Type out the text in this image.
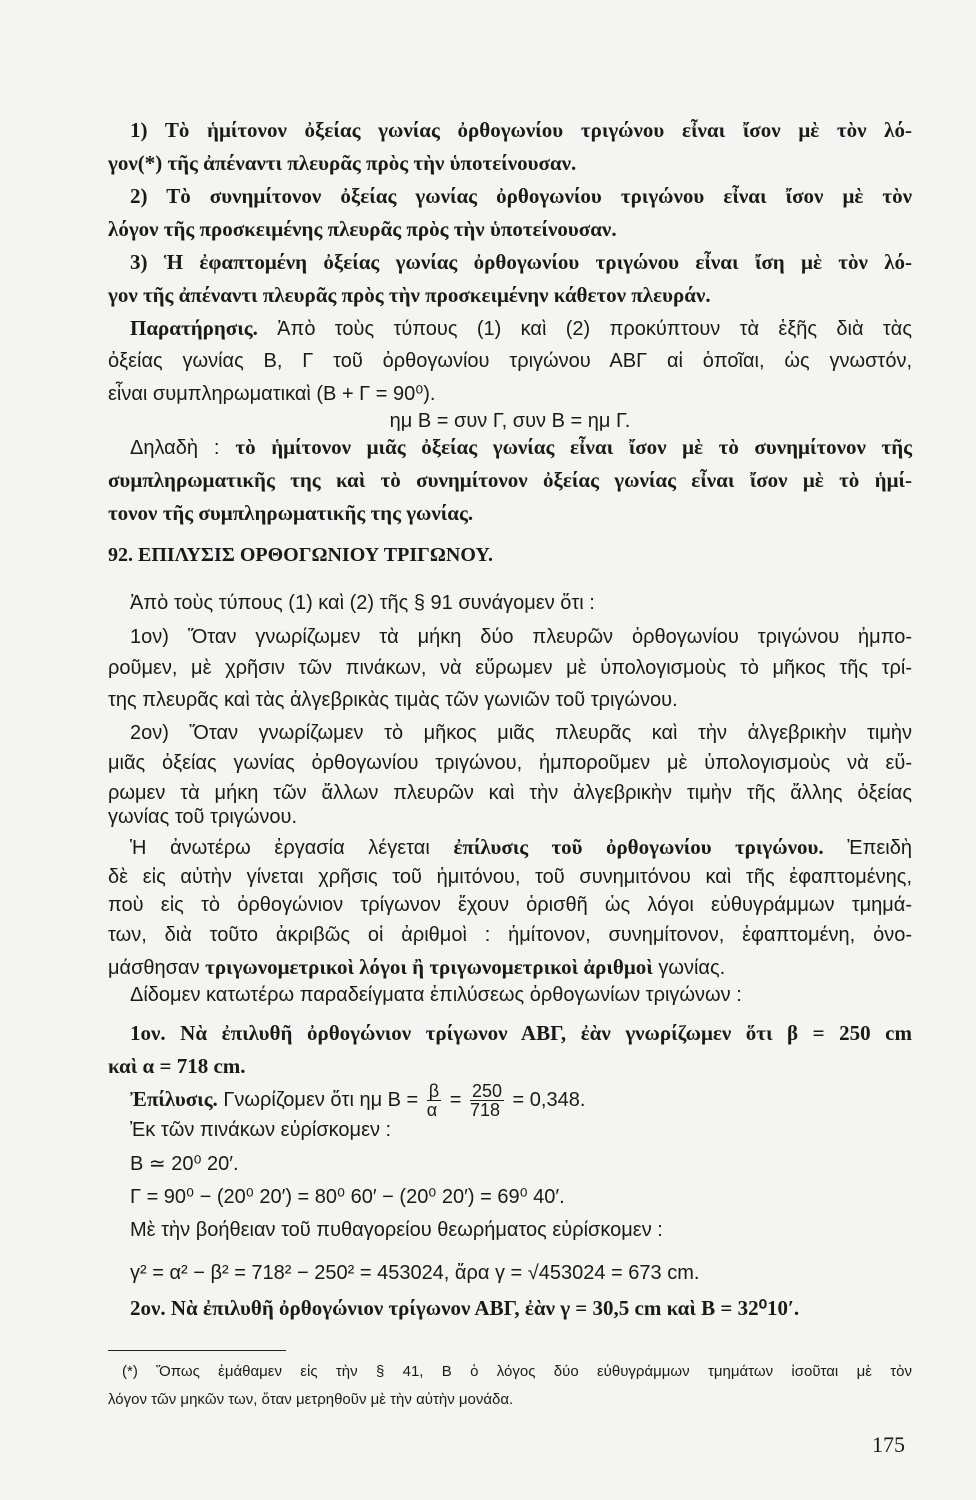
1) Τὸ ἡμίτονον ὀξείας γωνίας ὀρθογωνίου τριγώνου εἶναι ἴσον μὲ τὸν λό-
γον(*) τῆς ἀπέναντι πλευρᾶς πρὸς τὴν ὑποτείνουσαν.
2) Τὸ συνημίτονον ὀξείας γωνίας ὀρθογωνίου τριγώνου εἶναι ἴσον μὲ τὸν
λόγον τῆς προσκειμένης πλευρᾶς πρὸς τὴν ὑποτείνουσαν.
3) Ἡ ἐφαπτομένη ὀξείας γωνίας ὀρθογωνίου τριγώνου εἶναι ἴση μὲ τὸν λό-
γον τῆς ἀπέναντι πλευρᾶς πρὸς τὴν προσκειμένην κάθετον πλευράν.
Παρατήρησις. Ἀπὸ τοὺς τύπους (1) καὶ (2) προκύπτουν τὰ ἑξῆς διὰ τὰς
ὀξείας γωνίας Β, Γ τοῦ ὀρθογωνίου τριγώνου ΑΒΓ αἱ ὁποῖαι, ὡς γνωστόν,
εἶναι συμπληρωματικαὶ (Β + Γ = 90⁰).
ημ Β = συν Γ, συν Β = ημ Γ.
Δηλαδὴ : τὸ ἡμίτονον μιᾶς ὀξείας γωνίας εἶναι ἴσον μὲ τὸ συνημίτονον τῆς
συμπληρωματικῆς της καὶ τὸ συνημίτονον ὀξείας γωνίας εἶναι ἴσον μὲ τὸ ἡμί-
τονον τῆς συμπληρωματικῆς της γωνίας.
92. ΕΠΙΛΥΣΙΣ ΟΡΘΟΓΩΝΙΟΥ ΤΡΙΓΩΝΟΥ.
Ἀπὸ τοὺς τύπους (1) καὶ (2) τῆς § 91 συνάγομεν ὅτι :
1ον) Ὅταν γνωρίζωμεν τὰ μήκη δύο πλευρῶν ὀρθογωνίου τριγώνου ἠμπο-
ροῦμεν, μὲ χρῆσιν τῶν πινάκων, νὰ εὕρωμεν μὲ ὑπολογισμοὺς τὸ μῆκος τῆς τρί-
της πλευρᾶς καὶ τὰς ἀλγεβρικὰς τιμὰς τῶν γωνιῶν τοῦ τριγώνου.
2ον) Ὅταν γνωρίζωμεν τὸ μῆκος μιᾶς πλευρᾶς καὶ τὴν ἀλγεβρικὴν τιμὴν
μιᾶς ὀξείας γωνίας ὀρθογωνίου τριγώνου, ἠμποροῦμεν μὲ ὑπολογισμοὺς νὰ εὕ-
ρωμεν τὰ μήκη τῶν ἄλλων πλευρῶν καὶ τὴν ἀλγεβρικὴν τιμὴν τῆς ἄλλης ὀξείας
γωνίας τοῦ τριγώνου.
Ἡ ἀνωτέρω ἐργασία λέγεται ἐπίλυσις τοῦ ὀρθογωνίου τριγώνου. Ἐπειδὴ
δὲ εἰς αὐτὴν γίνεται χρῆσις τοῦ ἡμιτόνου, τοῦ συνημιτόνου καὶ τῆς ἐφαπτομένης,
ποὺ εἰς τὸ ὀρθογώνιον τρίγωνον ἔχουν ὁρισθῆ ὡς λόγοι εὐθυγράμμων τμημά-
των, διὰ τοῦτο ἀκριβῶς οἱ ἀριθμοὶ : ἡμίτονον, συνημίτονον, ἐφαπτομένη, ὀνο-
μάσθησαν τριγωνομετρικοὶ λόγοι ἢ τριγωνομετρικοὶ ἀριθμοὶ γωνίας.
Δίδομεν κατωτέρω παραδείγματα ἐπιλύσεως ὀρθογωνίων τριγώνων :
1ον. Νὰ ἐπιλυθῆ ὀρθογώνιον τρίγωνον ΑΒΓ, ἐὰν γνωρίζωμεν ὅτι β = 250 cm
καὶ α = 718 cm.
Ἐπίλυσις. Γνωρίζομεν ὅτι ημ $B = \frac{\beta}{\alpha} = \frac{250}{718} = 0,348$.
Ἐκ τῶν πινάκων εὑρίσκομεν :
Β ≃ 20⁰ 20′.
Γ = 90⁰ − (20⁰ 20′) = 80⁰ 60′ − (20⁰ 20′) = 69⁰ 40′.
Μὲ τὴν βοήθειαν τοῦ πυθαγορείου θεωρήματος εὑρίσκομεν :
γ² = α² − β² = 718² − 250² = 453024, ἄρα γ = √453024 = 673 cm.
2ον. Νὰ ἐπιλυθῆ ὀρθογώνιον τρίγωνον ΑΒΓ, ἐὰν γ = 30,5 cm καὶ Β = 32⁰10′.
(*) Ὅπως ἐμάθαμεν εἰς τὴν § 41, Β ὁ λόγος δύο εὐθυγράμμων τμημάτων ἰσοῦται μὲ τὸν
λόγον τῶν μηκῶν των, ὅταν μετρηθοῦν μὲ τὴν αὐτὴν μονάδα.
175
